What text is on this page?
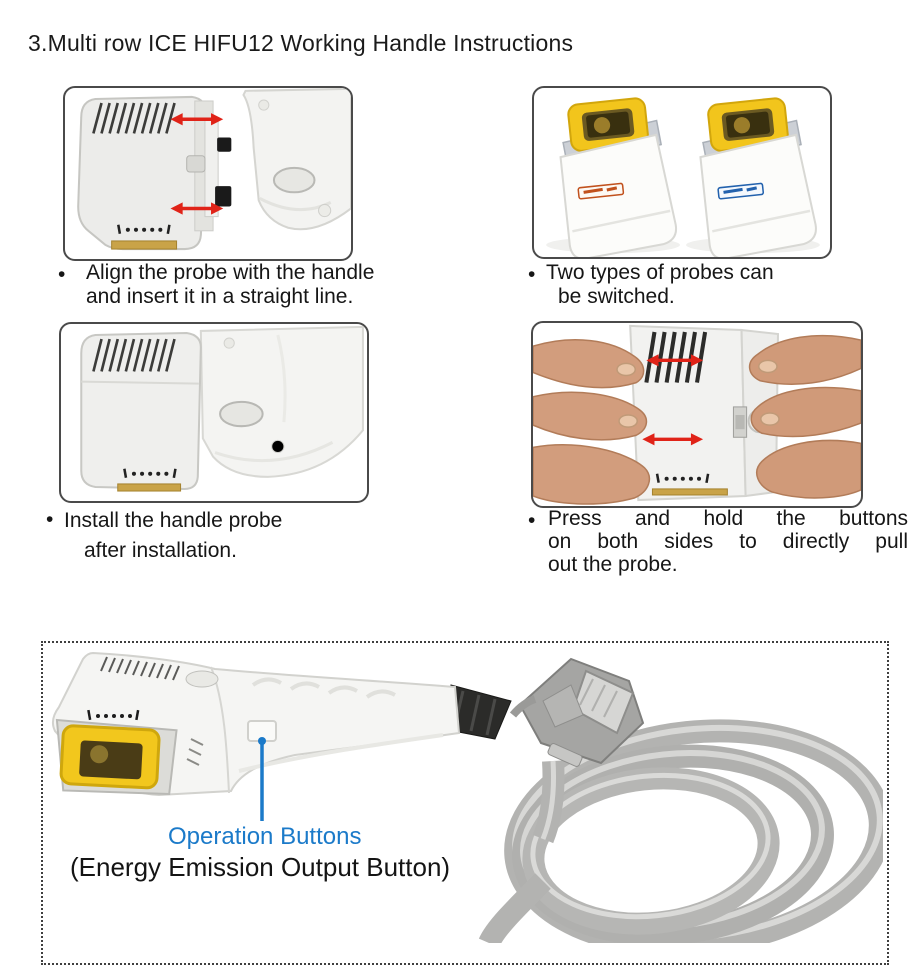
3.Multi row ICE HIFU12 Working Handle Instructions
• Align the probe with the handle
and insert it in a straight line.
• Two types of probes can
be switched.
• Install the handle probe
after installation.
• Press and hold the buttons
on both sides to directly pull
out the probe.
Operation Buttons
(Energy Emission Output Button)
